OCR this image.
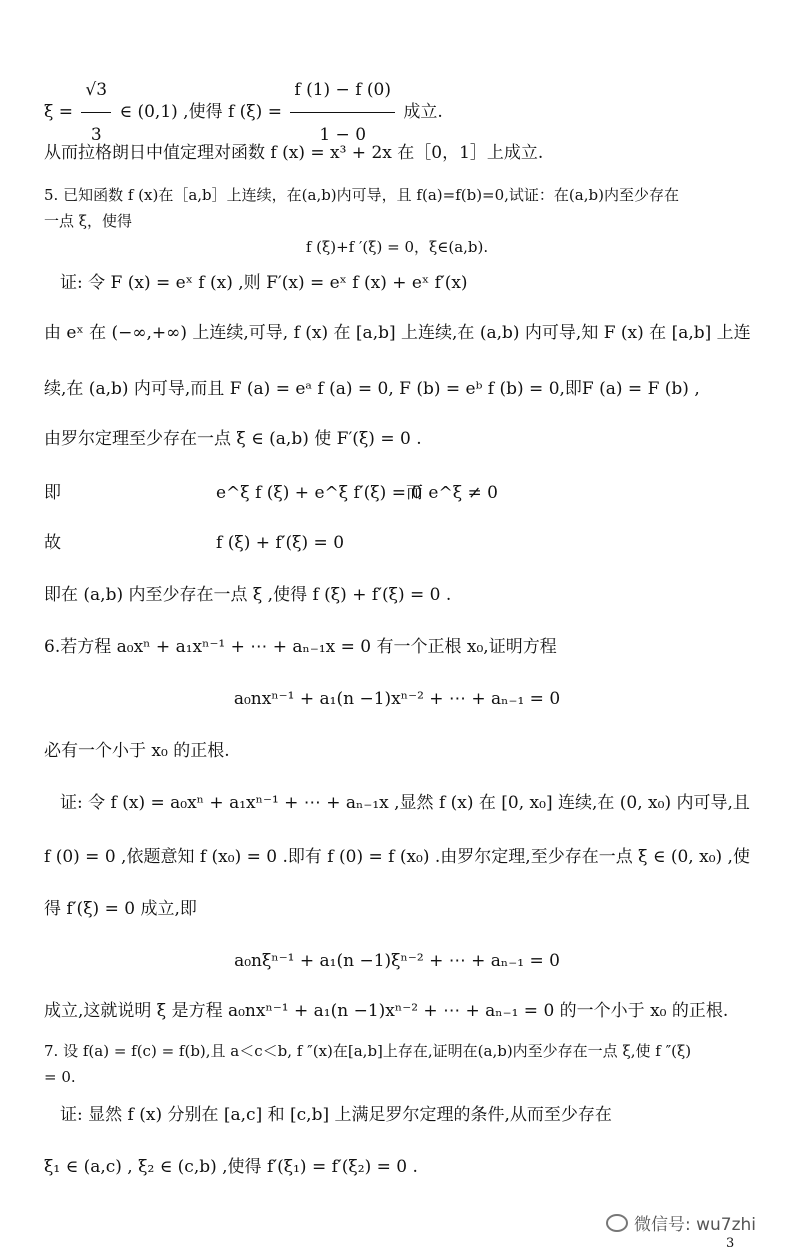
$\xi = \frac{√3}{3}$ ∈ (0,1) ,使得 f $(\xi) = \frac{f (1) - f (0)}{1 - 0}$ 成立.
从而拉格朗日中值定理对函数 f (x) = x³ + 2x 在［0，1］上成立.
5. 已知函数 f (x)在［a,b］上连续，在(a,b)内可导，且 f(a)=f(b)=0,试证：在(a,b)内至少存在
一点 ξ，使得
f (ξ)+f ′(ξ) = 0，ξ∈(a,b).
证: 令 F (x) = eˣ f (x) ,则 F′(x) = eˣ f (x) + eˣ f′(x)
由 eˣ 在 (−∞,+∞) 上连续,可导, f (x) 在 [a,b] 上连续,在 (a,b) 内可导,知 F (x) 在 [a,b] 上连
续,在 (a,b) 内可导,而且 F (a) = eᵃ f (a) = 0, F (b) = eᵇ f (b) = 0,即F (a) = F (b) ,
由罗尔定理至少存在一点 ξ ∈ (a,b) 使 F′(ξ) = 0 .
即	e^ξ f (ξ) + e^ξ f′(ξ) = 0
而 e^ξ ≠ 0
故	f (ξ) + f′(ξ) = 0
即在 (a,b) 内至少存在一点 ξ ,使得 f (ξ) + f′(ξ) = 0 .
6.若方程 a₀xⁿ + a₁xⁿ⁻¹ + ⋯ + aₙ₋₁x = 0 有一个正根 x₀,证明方程
a₀nxⁿ⁻¹ + a₁(n −1)xⁿ⁻² + ⋯ + aₙ₋₁ = 0
必有一个小于 x₀ 的正根.
证: 令 f (x) = a₀xⁿ + a₁xⁿ⁻¹ + ⋯ + aₙ₋₁x ,显然 f (x) 在 [0, x₀] 连续,在 (0, x₀) 内可导,且
f (0) = 0 ,依题意知 f (x₀) = 0 .即有 f (0) = f (x₀) .由罗尔定理,至少存在一点 ξ ∈ (0, x₀) ,使
得 f′(ξ) = 0 成立,即
a₀nξⁿ⁻¹ + a₁(n −1)ξⁿ⁻² + ⋯ + aₙ₋₁ = 0
成立,这就说明 ξ 是方程 a₀nxⁿ⁻¹ + a₁(n −1)xⁿ⁻² + ⋯ + aₙ₋₁ = 0 的一个小于 x₀ 的正根.
7. 设 f(a) = f(c) = f(b),且 a＜c＜b, f ″(x)在[a,b]上存在,证明在(a,b)内至少存在一点 ξ,使 f ″(ξ)
= 0.
证: 显然 f (x) 分别在 [a,c] 和 [c,b] 上满足罗尔定理的条件,从而至少存在
ξ₁ ∈ (a,c) , ξ₂ ∈ (c,b) ,使得 f′(ξ₁) = f′(ξ₂) = 0 .
微信号: wu7zhi
3
